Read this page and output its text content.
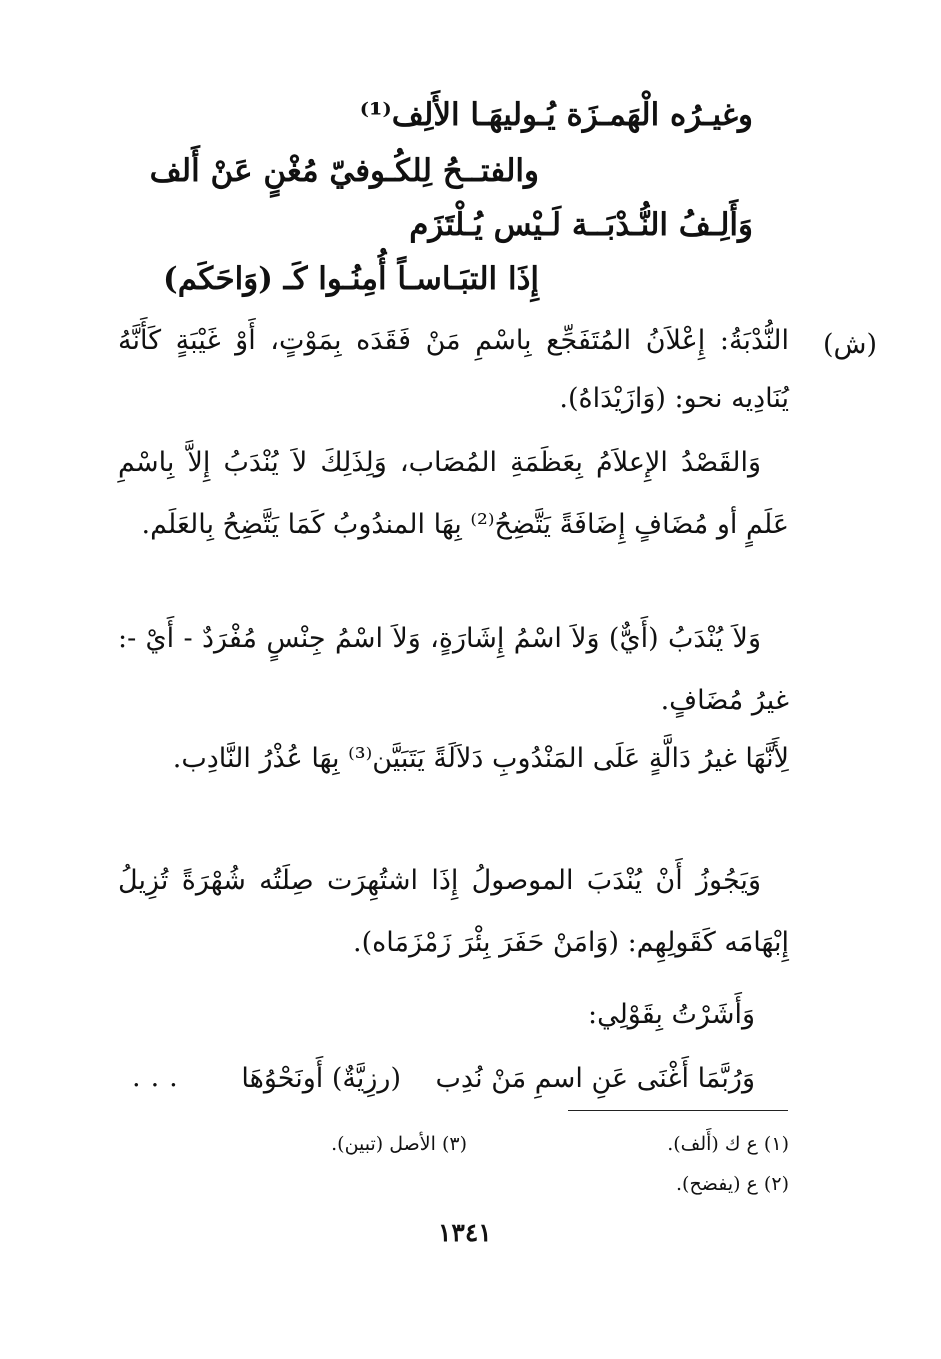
وغيـرُه الْهَمـزَة يُـوليهَـا الأَلِف⁽¹⁾
والفتــحُ لِلكُـوفيّ مُغْنٍ عَنْ أَلف
وَأَلِـفُ النُّـدْبَــة لَـيْس يُـلْتَزَم
إِذَا التبَـاسـاً أُمِنُـوا كَـ (وَاحَكَم)
(ش)
النُّدْبَةُ: إِعْلاَنُ المُتَفَجِّع بِاسْمِ مَنْ فَقَدَه بِمَوْتٍ، أَوْ غَيْبَةٍ كَأَنَّهُ يُنَادِيه نحو: (وَازَيْدَاهُ).
وَالقَصْدُ الإِعلاَمُ بِعَظَمَةِ المُصَاب، وَلِذَلِكَ لاَ يُنْدَبُ إِلاَّ بِاسْمِ عَلَمٍ أو مُضَافٍ إِضَافَةً يَتَّضِحُ⁽²⁾ بِهَا المندُوبُ كَمَا يَتَّضِحُ بِالعَلَم.
وَلاَ يُنْدَبُ (أَيٌّ) وَلاَ اسْمُ إِشَارَةٍ، وَلاَ اسْمُ جِنْسٍ مُفْرَدٌ - أَيْ -: غيرُ مُضَافٍ.
لِأَنَّهَا غيرُ دَالَّةٍ عَلَى المَنْدُوبِ دَلاَلَةً يَتَبَيَّن⁽³⁾ بِهَا عُذْرُ النَّادِب.
وَيَجُوزُ أَنْ يُنْدَبَ الموصولُ إِذَا اشتُهِرَت صِلَتُه شُهْرَةً تُزِيلُ إِبْهَامَه كَقَولِهِم: (وَامَنْ حَفَرَ بِئْرَ زَمْزَمَاه).
وَأَشَرْتُ بِقَوْلِي:
وَرُبَّمَا أَغْنَى عَنِ اسمِ مَنْ نُدِب
(رزِيَّةٌ) أَونَحْوُهَا
...
(١) ع ك (أَلف).
(٣) الأصل (تبين).
(٢) ع (يفضح).
١٣٤١
